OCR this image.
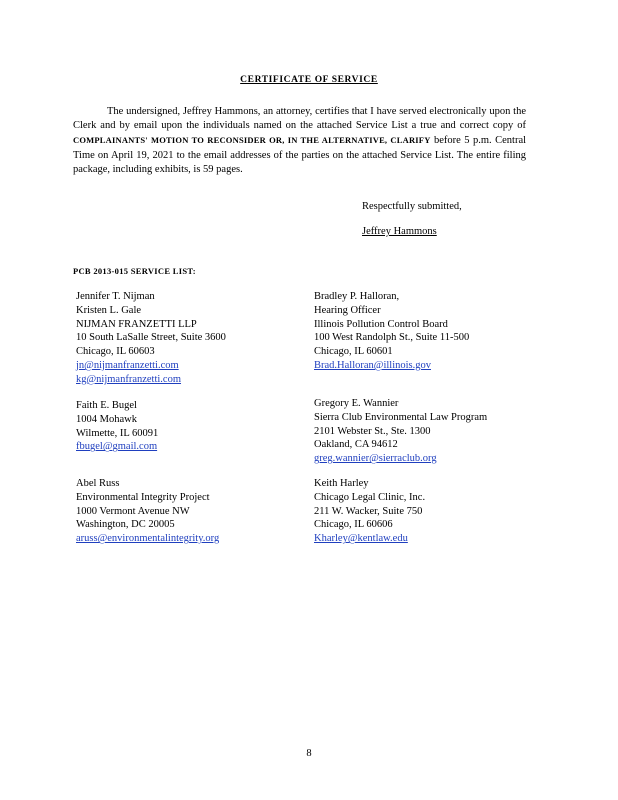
CERTIFICATE OF SERVICE
The undersigned, Jeffrey Hammons, an attorney, certifies that I have served electronically upon the Clerk and by email upon the individuals named on the attached Service List a true and correct copy of COMPLAINANTS' MOTION TO RECONSIDER OR, IN THE ALTERNATIVE, CLARIFY before 5 p.m. Central Time on April 19, 2021 to the email addresses of the parties on the attached Service List. The entire filing package, including exhibits, is 59 pages.
Respectfully submitted,
Jeffrey Hammons
PCB 2013-015 SERVICE LIST:
Jennifer T. Nijman
Kristen L. Gale
NIJMAN FRANZETTI LLP
10 South LaSalle Street, Suite 3600
Chicago, IL 60603
jn@nijmanfranzetti.com
kg@nijmanfranzetti.com
Faith E. Bugel
1004 Mohawk
Wilmette, IL 60091
fbugel@gmail.com
Abel Russ
Environmental Integrity Project
1000 Vermont Avenue NW
Washington, DC 20005
aruss@environmentalintegrity.org
Bradley P. Halloran,
Hearing Officer
Illinois Pollution Control Board
100 West Randolph St., Suite 11-500
Chicago, IL 60601
Brad.Halloran@illinois.gov
Gregory E. Wannier
Sierra Club Environmental Law Program
2101 Webster St., Ste. 1300
Oakland, CA 94612
greg.wannier@sierraclub.org
Keith Harley
Chicago Legal Clinic, Inc.
211 W. Wacker, Suite 750
Chicago, IL 60606
Kharley@kentlaw.edu
8
